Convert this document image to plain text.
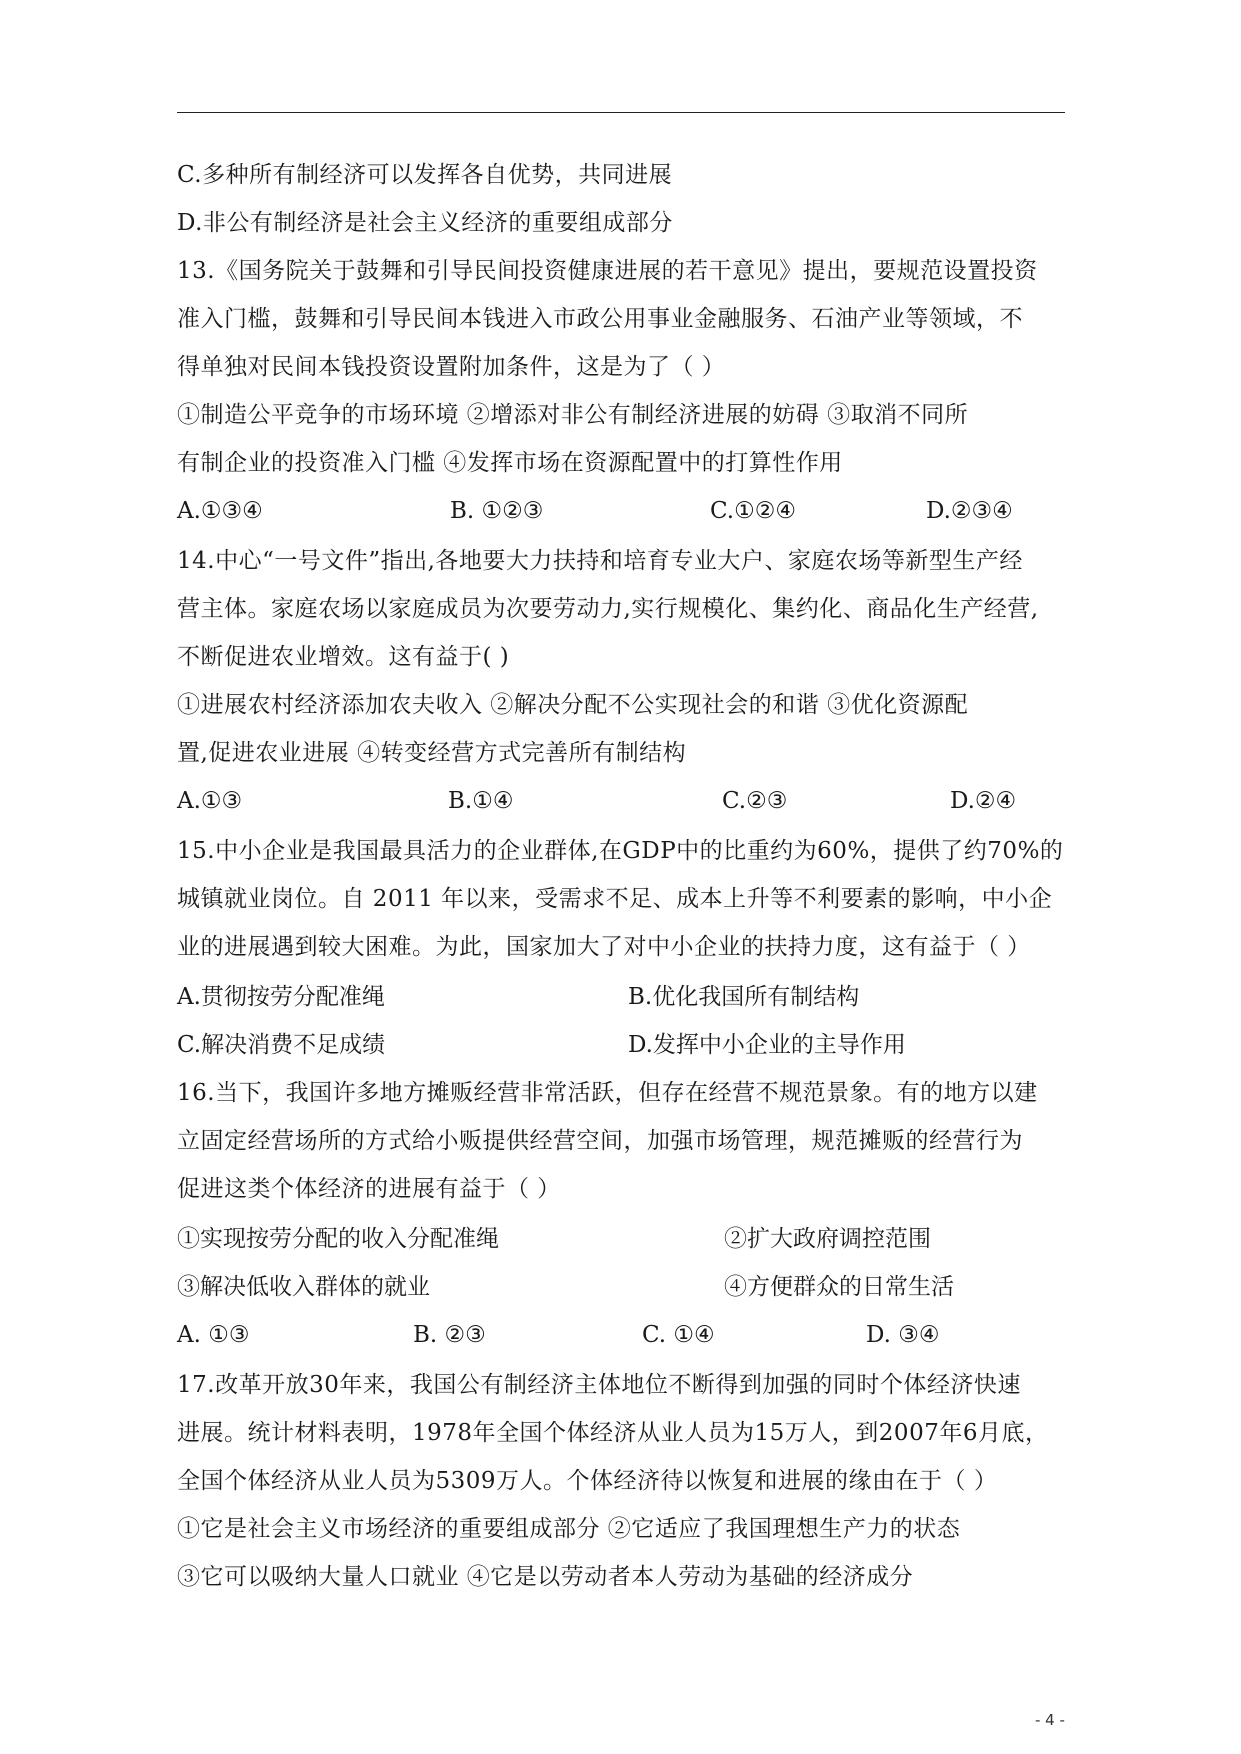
C.多种所有制经济可以发挥各自优势，共同进展
D.非公有制经济是社会主义经济的重要组成部分
13.《国务院关于鼓舞和引导民间投资健康进展的若干意见》提出，要规范设置投资
准入门槛，鼓舞和引导民间本钱进入市政公用事业金融服务、石油产业等领域，不
得单独对民间本钱投资设置附加条件，这是为了（ ）
①制造公平竞争的市场环境 ②增添对非公有制经济进展的妨碍 ③取消不同所
有制企业的投资准入门槛 ④发挥市场在资源配置中的打算性作用
A.①③④	B. ①②③	C.①②④	D.②③④
14.中心“一号文件”指出,各地要大力扶持和培育专业大户、家庭农场等新型生产经
营主体。家庭农场以家庭成员为次要劳动力,实行规模化、集约化、商品化生产经营,
不断促进农业增效。这有益于( )
①进展农村经济添加农夫收入 ②解决分配不公实现社会的和谐 ③优化资源配
置,促进农业进展 ④转变经营方式完善所有制结构
A.①③	B.①④	C.②③	D.②④
15.中小企业是我国最具活力的企业群体,在GDP中的比重约为60%，提供了约70%的
城镇就业岗位。自 2011 年以来，受需求不足、成本上升等不利要素的影响，中小企
业的进展遇到较大困难。为此，国家加大了对中小企业的扶持力度，这有益于（ ）
A.贯彻按劳分配准绳	B.优化我国所有制结构
C.解决消费不足成绩	D.发挥中小企业的主导作用
16.当下，我国许多地方摊贩经营非常活跃，但存在经营不规范景象。有的地方以建
立固定经营场所的方式给小贩提供经营空间，加强市场管理，规范摊贩的经营行为
促进这类个体经济的进展有益于（ ）
①实现按劳分配的收入分配准绳	②扩大政府调控范围
③解决低收入群体的就业	④方便群众的日常生活
A. ①③	B. ②③	C. ①④	D. ③④
17.改革开放30年来，我国公有制经济主体地位不断得到加强的同时个体经济快速
进展。统计材料表明，1978年全国个体经济从业人员为15万人，到2007年6月底，
全国个体经济从业人员为5309万人。个体经济待以恢复和进展的缘由在于（ ）
①它是社会主义市场经济的重要组成部分 ②它适应了我国理想生产力的状态
③它可以吸纳大量人口就业 ④它是以劳动者本人劳动为基础的经济成分
- 4 -
